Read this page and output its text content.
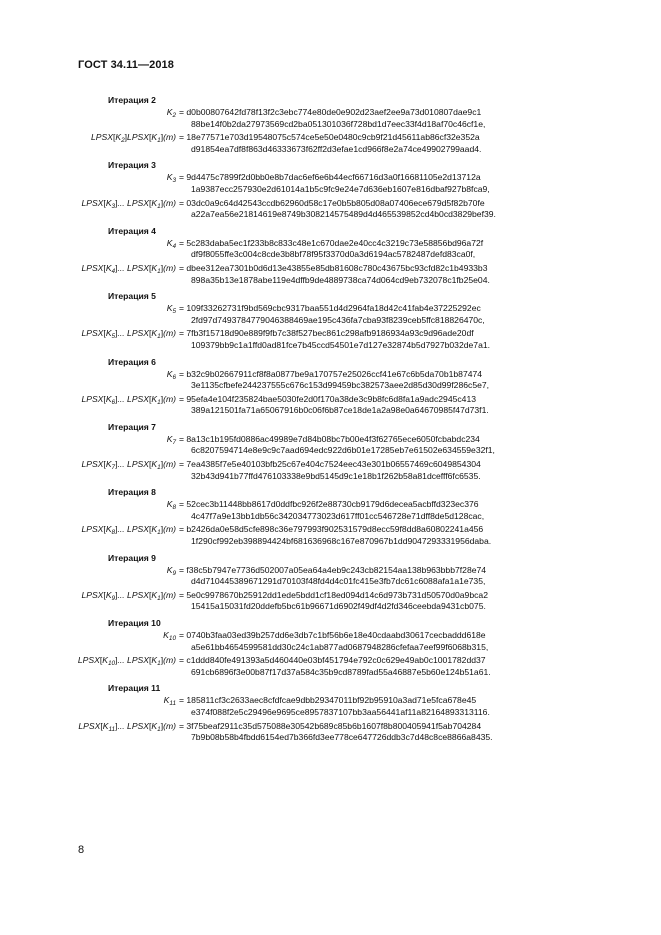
ГОСТ 34.11—2018
Итерация 2
$K_2 = d0b00807642fd78f13f2c3ebc774e80de0e902d23aef2ee9a73d010807dae9c1$
88be14f0b2da27973569cd2ba051301036f728bd1d7eec33f4d18af70c46cf1e,
$LPSX[K_2]LPSX[K_1](m) = 18e77571e703d19548075c574ce5e50e0480c9cb9f21d45611ab86cf32e352a$
d91854ea7df8f863d46333673f62ff2d3efae1cd966f8e2a74ce49902799aad4.
Итерация 3
$K_3 = 9d4475c7899f2d0bb0e8b7dac6ef6e6b44ecf66716d3a0f16681105e2d13712a$
1a9387ecc257930e2d61014a1b5c9fc9e24e7d636eb1607e816dbaf927b8fca9,
$LPSX[K_3]$... $LPSX[K_1](m)$ = 03dc0a9c64d42543ccdb62960d58c17e0b5b805d08a07406ece679d5f82b70fe
a22a7ea56e21814619e8749b308214575489d4d465539852cd4b0cd3829bef39.
Итерация 4
$K_4$ = 5c283daba5ec1f233b8c833c48e1c670dae2e40cc4c3219c73e58856bd96a72f
df9f8055ffe3c004c8cde3b8bf78f95f3370d0a3d6194ac5782487defd83ca0f,
$LPSX[K_4]$... $LPSX[K_1](m)$ = dbee312ea7301b0d6d13e43855e85db81608c780c43675bc93cfd82c1b4933b3
898a35b13e1878abe119e4dffb9de4889738ca74d064cd9eb732078c1fb25e04.
Итерация 5
$K_5 = 109f33262731f9bd569cbc9317baa551d4d2964fa18d42c41fab4e37225292ec$
2fd97d7493784779046388469ae195c436fa7cba93f8239ceb5ffc818826470c,
$LPSX[K_5]$... $LPSX[K_1](m) = 7fb3f15718d90e889f9fb7c38f527bec861c298afb9186934a93c9d96ade20df$
109379bb9c1a1ffd0ad81fce7b45ccd54501e7d127e32874b5d7927b032de7a1.
Итерация 6
$K_6 = b32c9b02667911cf8f8a0877be9a170757e25026ccf41e67c6b5da70b1b87474$
3e1135cfbefe244237555c676c153d99459bc382573aee2d85d30d99f286c5e7,
$LPSX[K_6]$... $LPSX[K_1](m) = 95efa4e104f235824bae5030fe2d0f170a38de3c9b8fc6d8fa1a9adc2945c413$
389a121501fa71a65067916b0c06f6b87ce18de1a2a98e0a64670985f47d73f1.
Итерация 7
$K_7$ = 8a13c1b195fd0886ac49989e7d84b08bc7b00e4f3f62765ece6050fcbabdc234
6c8207594714e8e9c9c7aad694edc922d6b01e17285eb7e61502e634559e32f1,
$LPSX[K_7]$... $LPSX[K_1](m) = 7ea4385f7e5e40103bfb25c67e404c7524eec43e301b06557469c6049854304$
32b43d941b77ffd476103338e9bd5145d9c1e18b1f262b58a81dcefff6fc6535.
Итерация 8
$K_8$ = 52cec3b11448bb8617d0ddfbc926f2e88730cb9179d6decea5acbffd323ec376
4c47f7a9e13bb1db56c342034773023d617ff01cc546728e71dff8de5d128cac,
$LPSX[K_8]$... $LPSX[K_1](m) = b2426da0e58d5cfe898c36e797993f902531579d8ecc59f8dd8a60802241a456$
1f290cf992eb398894424bf681636968c167e870967b1dd9047293331956daba.
Итерация 9
$K_9 = f38c5b7947e7736d502007a05ea64a4eb9c243cb82154aa138b963bbb7f28e74$
d4d710445389671291d70103f48fd4d4c01fc415e3fb7dc61c6088afa1a1e735,
$LPSX[K_9]$... $LPSX[K_1](m) = 5e0c9978670b25912dd1ede5bdd1cf18ed094d14c6d973b731d50570d0a9bca2$
15415a15031fd20ddefb5bc61b96671d6902f49df4d2fd346ceebda9431cb075.
Итерация 10
$K_{10}$ = 0740b3faa03ed39b257dd6e3db7c1bf56b6e18e40cdaabd30617cecbaddd618e
a5e61bb4654599581dd30c24c1ab877ad0687948286cfefaa7eef99f6068b315,
$LPSX[K_{10}]$... $LPSX[K_1](m) = c1ddd840fe491393a5d460440e03bf451794e792c0c629e49ab0c1001782dd37$
691cb6896f3e00b87f17d37a584c35b9cd8789fad55a46887e5b60e124b51a61.
Итерация 11
$K_{11}$ = 185811cf3c2633aec8cfdfcae9dbb29347011bf92b95910a3ad71e5fca678e45
e374f088f2e5c29496e9695ce8957837107bb3aa56441af11a82164893313116.
$LPSX[K_{11}]$... $LPSX[K_1](m)$ = 3f75beaf2911c35d575088e30542b689c85b6b1607f8b800405941f5ab704284
7b9b08b58b4fbdd6154ed7b366fd3ee778ce647726ddb3c7d48c8ce8866a8435.
8
